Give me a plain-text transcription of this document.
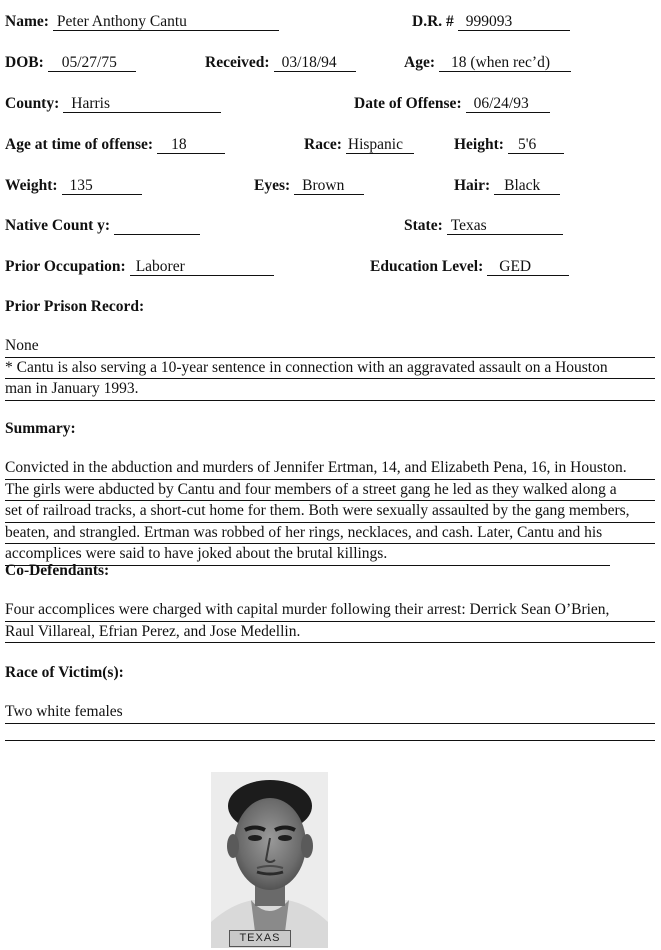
Name: Peter Anthony Cantu	D.R. # 999093
DOB: 05/27/75	Received: 03/18/94	Age: 18 (when rec’d)
County: Harris	Date of Offense: 06/24/93
Age at time of offense: 18	Race: Hispanic	Height: 5'6
Weight: 135	Eyes: Brown	Hair: Black
Native Count y:	State: Texas
Prior Occupation: Laborer	Education Level: GED
Prior Prison Record:
None
* Cantu is also serving a 10-year sentence in connection with an aggravated assault on a Houston
man in January 1993.
Summary:
Convicted in the abduction and murders of Jennifer Ertman, 14, and Elizabeth Pena, 16, in Houston.
The girls were abducted by Cantu and four members of a street gang he led as they walked along a
set of railroad tracks, a short-cut home for them. Both were sexually assaulted by the gang members,
beaten, and strangled. Ertman was robbed of her rings, necklaces, and cash. Later, Cantu and his
accomplices were said to have joked about the brutal killings.
Co-Defendants:
Four accomplices were charged with capital murder following their arrest: Derrick Sean O’Brien,
Raul Villareal, Efrian Perez, and Jose Medellin.
Race of Victim(s):
Two white females
TEXAS
